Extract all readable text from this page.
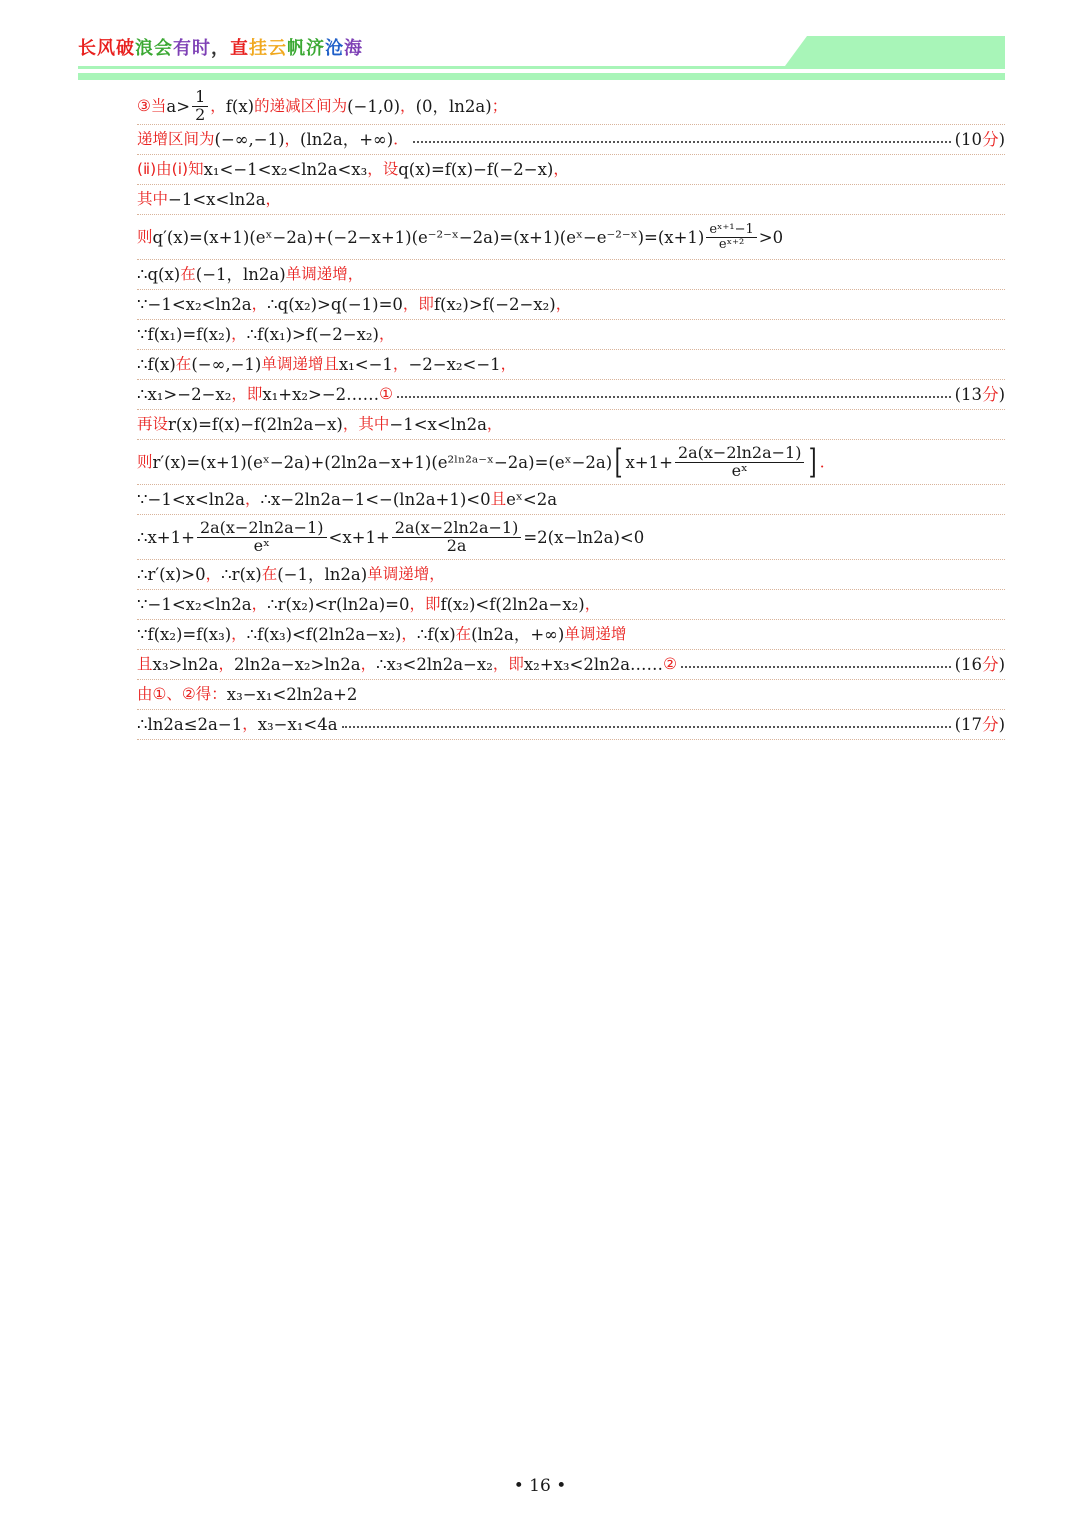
长风破浪会有时，直挂云帆济沧海
③当 $a> \frac{1}{2}$ ， f(x) 的递减区间为 (−1,0) ， (0，ln2a) ；
递增区间为 (−∞,−1) ， (ln2a，+∞) ．	(10分)
(ⅱ)由(ⅰ)知 x₁<−1<x₂<ln2a<x₃ ，设 q(x)=f(x)−f(−2−x) ，
其中 −1<x<ln2a ，
则 q′(x)=(x+1)(eˣ−2a)+(−2−x+1)(e⁻²⁻ˣ−2a)=(x+1)(eˣ−e⁻²⁻ˣ)=(x+1) $\frac{\text{eˣ⁺¹−1}}{\text{eˣ⁺²}} >0$
∴q(x) 在 (−1，ln2a) 单调递增 ，
∵−1<x₂<ln2a ， ∴q(x₂)>q(−1)=0 ，即 f(x₂)>f(−2−x₂) ，
∵f(x₁)=f(x₂) ， ∴f(x₁)>f(−2−x₂) ，
∴f(x) 在 (−∞,−1) 单调递增且 x₁<−1 ， −2−x₂<−1 ，
∴x₁>−2−x₂ ，即 x₁+x₂>−2…… ①	(13分)
再设 r(x)=f(x)−f(2ln2a−x) ，其中 −1<x<ln2a ，
则 r′(x)=(x+1)(eˣ−2a)+(2ln2a−x+1)(e²ˡⁿ²ᵃ⁻ˣ−2a)=(eˣ−2a) [ $x+1+ \frac{2a(x-2\ln 2a-1)}{\text{eˣ}}$ ] ．
∵−1<x<ln2a ， ∴x−2ln2a−1<−(ln2a+1)<0 且 eˣ<2a
∴x+1+ $\frac{2a(x-2\ln 2a-1)}{\text{eˣ}} <x+1+ \frac{2a(x-2\ln 2a-1)}{2a} =2(x-\ln 2a)<0$
∴r′(x)>0 ， ∴r(x) 在 (−1，ln2a) 单调递增 ，
∵−1<x₂<ln2a ， ∴r(x₂)<r(ln2a)=0 ，即 f(x₂)<f(2ln2a−x₂) ，
∵f(x₂)=f(x₃) ， ∴f(x₃)<f(2ln2a−x₂) ， ∴f(x) 在 (ln2a，+∞) 单调递增
且 x₃>ln2a ， 2ln2a−x₂>ln2a ， ∴x₃<2ln2a−x₂ ，即 x₂+x₃<2ln2a…… ②	(16分)
由①、②得： x₃−x₁<2ln2a+2
∴ln2a≤2a−1 ， x₃−x₁<4a	(17分)
• 16 •
